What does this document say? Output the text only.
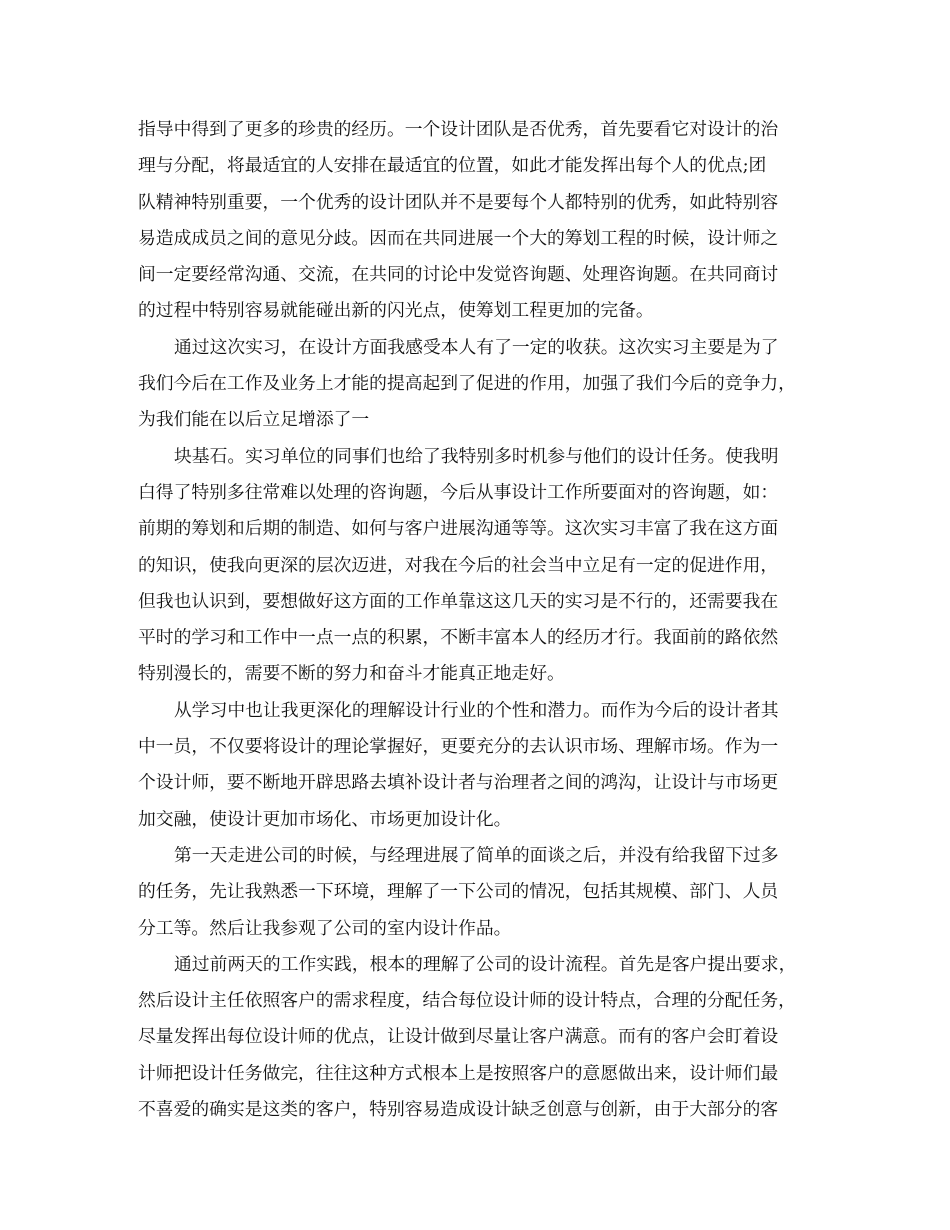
指导中得到了更多的珍贵的经历。一个设计团队是否优秀，首先要看它对设计的治
理与分配，将最适宜的人安排在最适宜的位置，如此才能发挥出每个人的优点;团
队精神特别重要，一个优秀的设计团队并不是要每个人都特别的优秀，如此特别容
易造成成员之间的意见分歧。因而在共同进展一个大的筹划工程的时候，设计师之
间一定要经常沟通、交流，在共同的讨论中发觉咨询题、处理咨询题。在共同商讨
的过程中特别容易就能碰出新的闪光点，使筹划工程更加的完备。
通过这次实习，在设计方面我感受本人有了一定的收获。这次实习主要是为了
我们今后在工作及业务上才能的提高起到了促进的作用，加强了我们今后的竞争力，
为我们能在以后立足增添了一
块基石。实习单位的同事们也给了我特别多时机参与他们的设计任务。使我明
白得了特别多往常难以处理的咨询题，今后从事设计工作所要面对的咨询题，如：
前期的筹划和后期的制造、如何与客户进展沟通等等。这次实习丰富了我在这方面
的知识，使我向更深的层次迈进，对我在今后的社会当中立足有一定的促进作用，
但我也认识到，要想做好这方面的工作单靠这这几天的实习是不行的，还需要我在
平时的学习和工作中一点一点的积累，不断丰富本人的经历才行。我面前的路依然
特别漫长的，需要不断的努力和奋斗才能真正地走好。
从学习中也让我更深化的理解设计行业的个性和潜力。而作为今后的设计者其
中一员，不仅要将设计的理论掌握好，更要充分的去认识市场、理解市场。作为一
个设计师，要不断地开辟思路去填补设计者与治理者之间的鸿沟，让设计与市场更
加交融，使设计更加市场化、市场更加设计化。
第一天走进公司的时候，与经理进展了简单的面谈之后，并没有给我留下过多
的任务，先让我熟悉一下环境，理解了一下公司的情况，包括其规模、部门、人员
分工等。然后让我参观了公司的室内设计作品。
通过前两天的工作实践，根本的理解了公司的设计流程。首先是客户提出要求，
然后设计主任依照客户的需求程度，结合每位设计师的设计特点，合理的分配任务，
尽量发挥出每位设计师的优点，让设计做到尽量让客户满意。而有的客户会盯着设
计师把设计任务做完，往往这种方式根本上是按照客户的意愿做出来，设计师们最
不喜爱的确实是这类的客户，特别容易造成设计缺乏创意与创新，由于大部分的客
